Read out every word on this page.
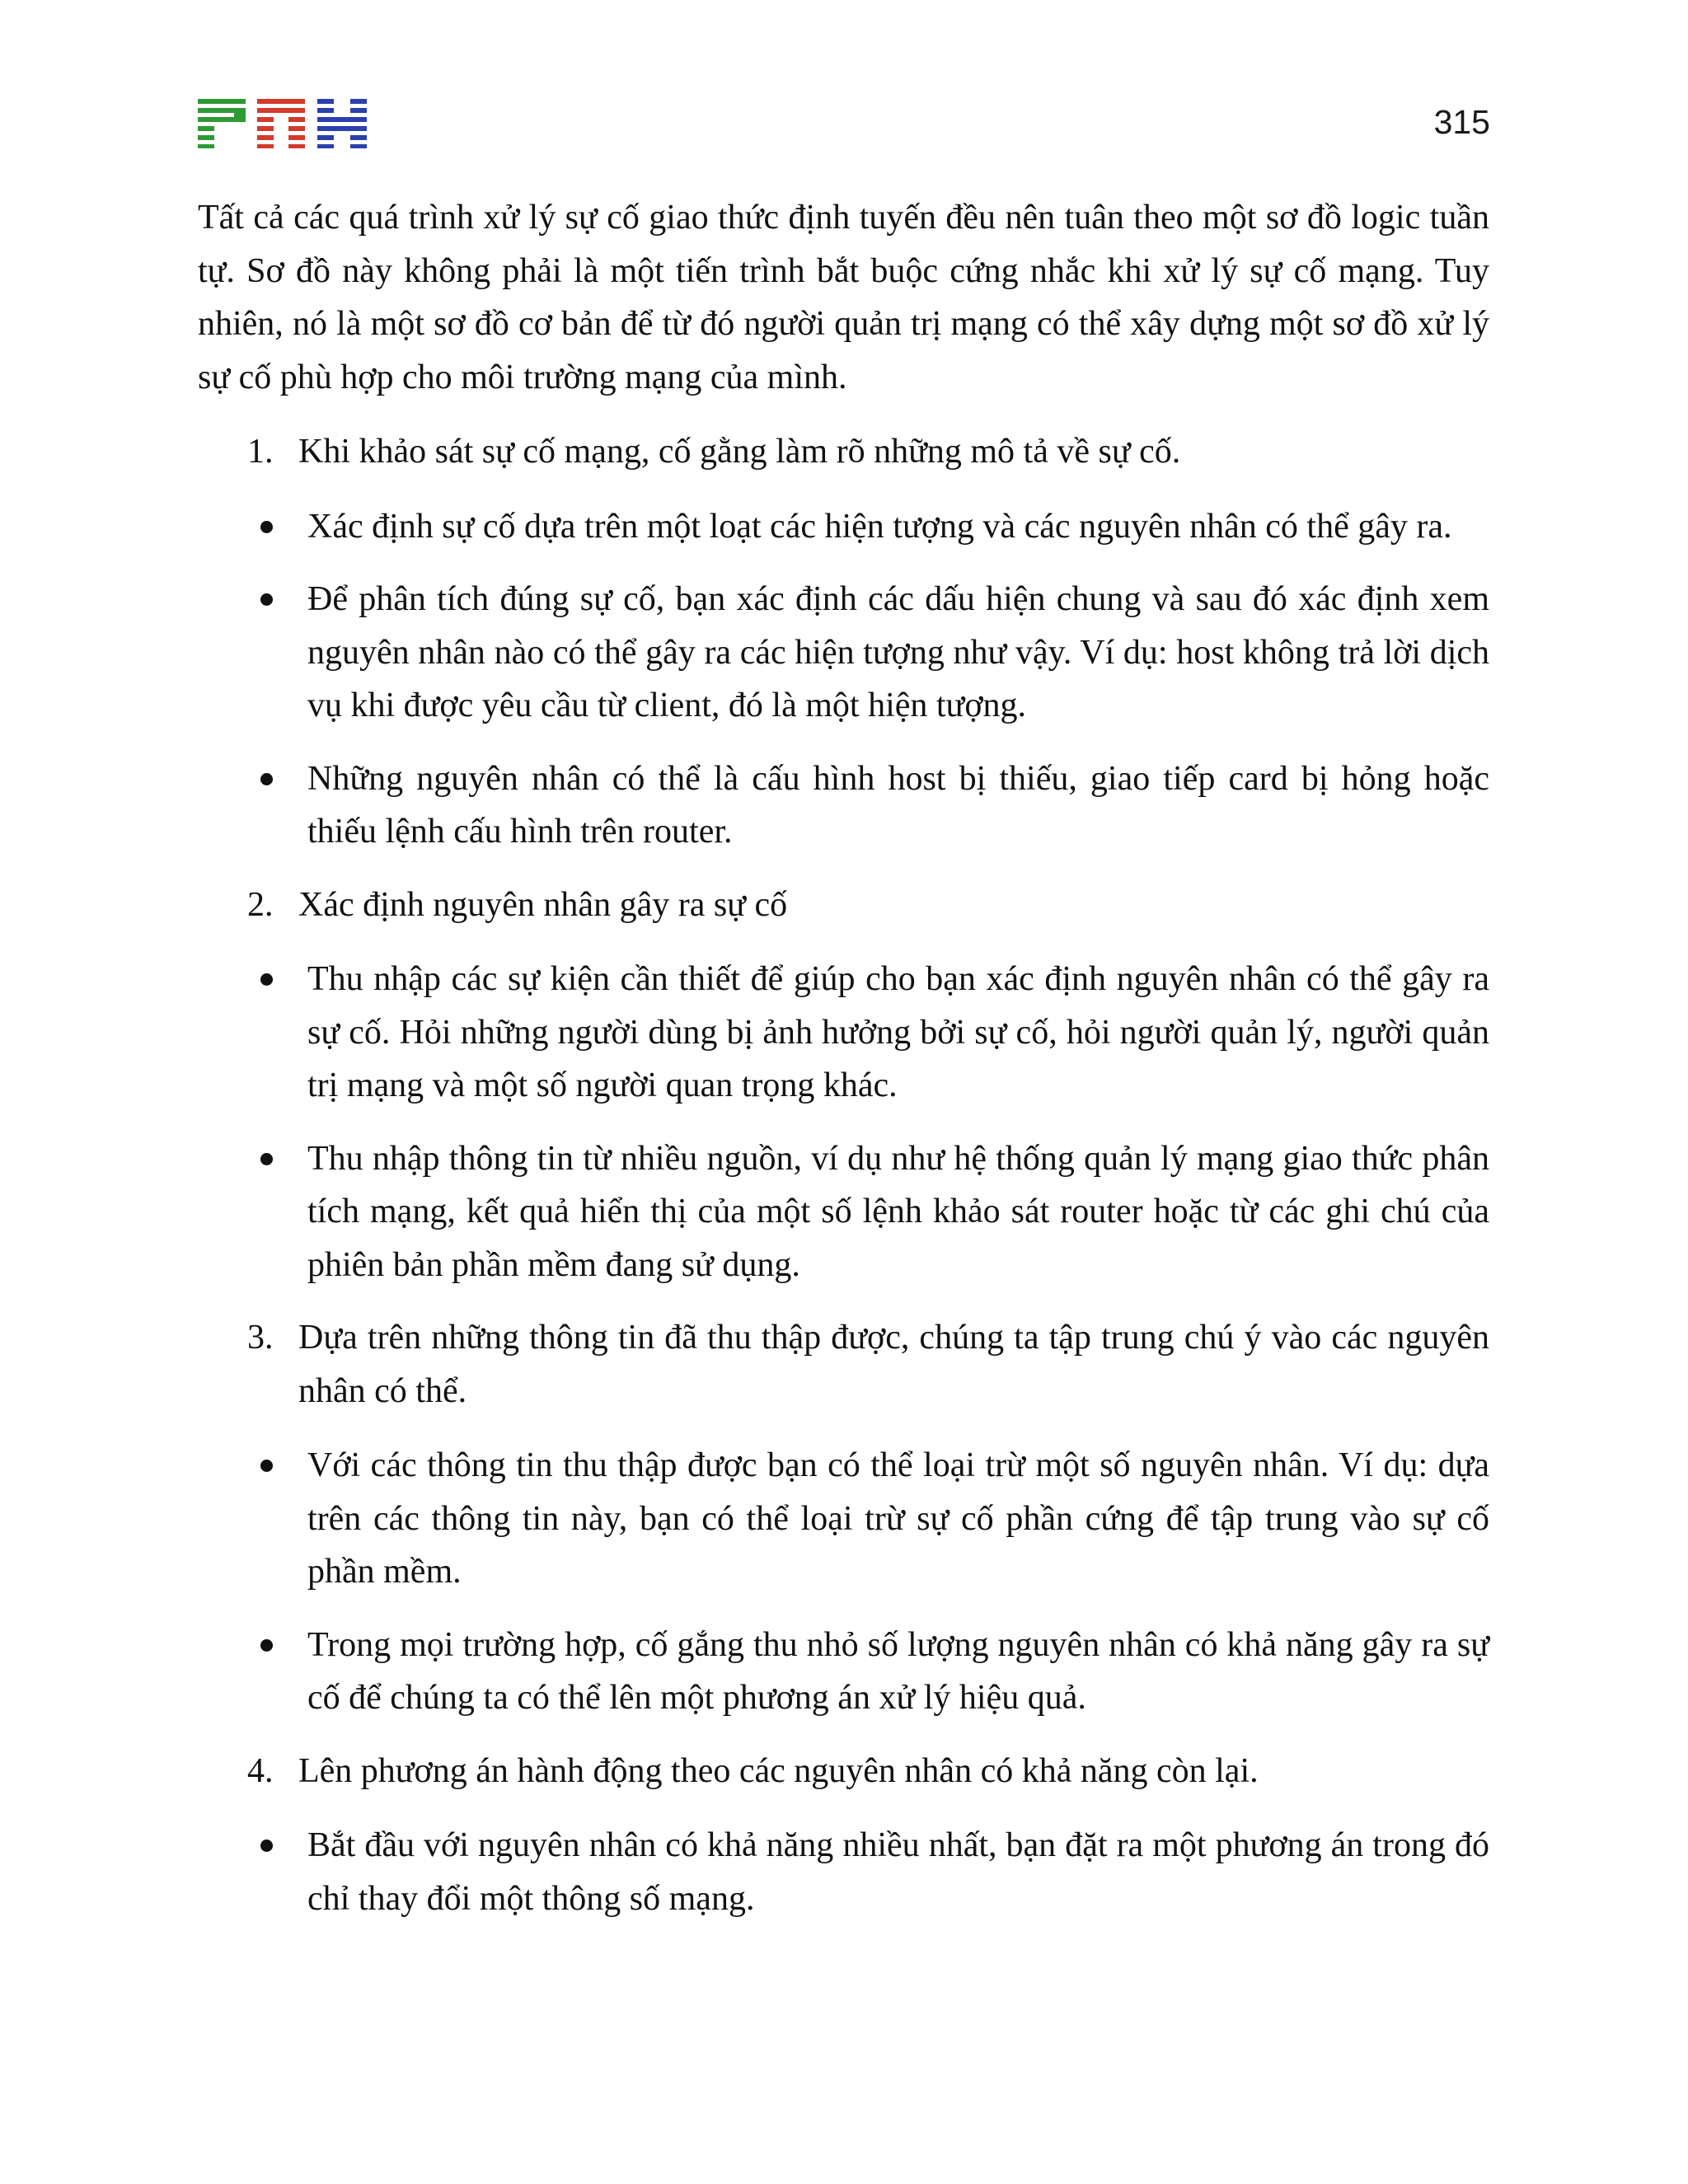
315

Tất cả các quá trình xử lý sự cố giao thức định tuyến đều nên tuân theo một sơ đồ logic tuần tự. Sơ đồ này không phải là một tiến trình bắt buộc cứng nhắc khi xử lý sự cố mạng. Tuy nhiên, nó là một sơ đồ cơ bản để từ đó người quản trị mạng có thể xây dựng một sơ đồ xử lý sự cố phù hợp cho môi trường mạng của mình.

1. Khi khảo sát sự cố mạng, cố gằng làm rõ những mô tả về sự cố.
Xác định sự cố dựa trên một loạt các hiện tượng và các nguyên nhân có thể gây ra.
Để phân tích đúng sự cố, bạn xác định các dấu hiện chung và sau đó xác định xem nguyên nhân nào có thể gây ra các hiện tượng như vậy. Ví dụ: host không trả lời dịch vụ khi được yêu cầu từ client, đó là một hiện tượng.
Những nguyên nhân có thể là cấu hình host bị thiếu, giao tiếp card bị hỏng hoặc thiếu lệnh cấu hình trên router.
2. Xác định nguyên nhân gây ra sự cố
Thu nhập các sự kiện cần thiết để giúp cho bạn xác định nguyên nhân có thể gây ra sự cố. Hỏi những người dùng bị ảnh hưởng bởi sự cố, hỏi người quản lý, người quản trị mạng và một số người quan trọng khác.
Thu nhập thông tin từ nhiều nguồn, ví dụ như hệ thống quản lý mạng giao thức phân tích mạng, kết quả hiển thị của một số lệnh khảo sát router hoặc từ các ghi chú của phiên bản phần mềm đang sử dụng.
3. Dựa trên những thông tin đã thu thập được, chúng ta tập trung chú ý vào các nguyên nhân có thể.
Với các thông tin thu thập được bạn có thể loại trừ một số nguyên nhân. Ví dụ: dựa trên các thông tin này, bạn có thể loại trừ sự cố phần cứng để tập trung vào sự cố phần mềm.
Trong mọi trường hợp, cố gắng thu nhỏ số lượng nguyên nhân có khả năng gây ra sự cố để chúng ta có thể lên một phương án xử lý hiệu quả.
4. Lên phương án hành động theo các nguyên nhân có khả năng còn lại.
Bắt đầu với nguyên nhân có khả năng nhiều nhất, bạn đặt ra một phương án trong đó chỉ thay đổi một thông số mạng.
